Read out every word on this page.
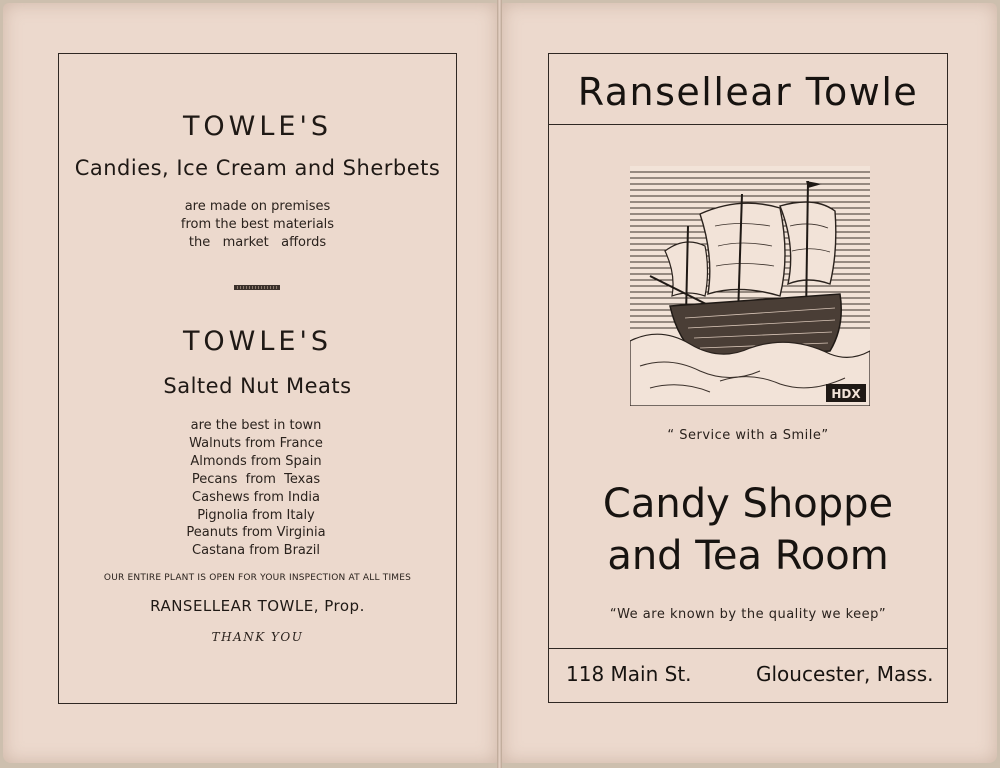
TOWLE'S
Candies, Ice Cream and Sherbets
are made on premises
from the best materials
the   market   affords
TOWLE'S
Salted Nut Meats
are the best in town
Walnuts from France
Almonds from Spain
Pecans  from  Texas
Cashews from India
Pignolia from Italy
Peanuts from Virginia
Castana from Brazil
OUR ENTIRE PLANT IS OPEN FOR YOUR INSPECTION AT ALL TIMES
RANSELLEAR TOWLE, Prop.
THANK YOU
Ransellear Towle
HDX
“ Service with a Smile”
Candy Shoppe
and Tea Room
“We are known by the quality we keep”
118 Main St.	Gloucester, Mass.
